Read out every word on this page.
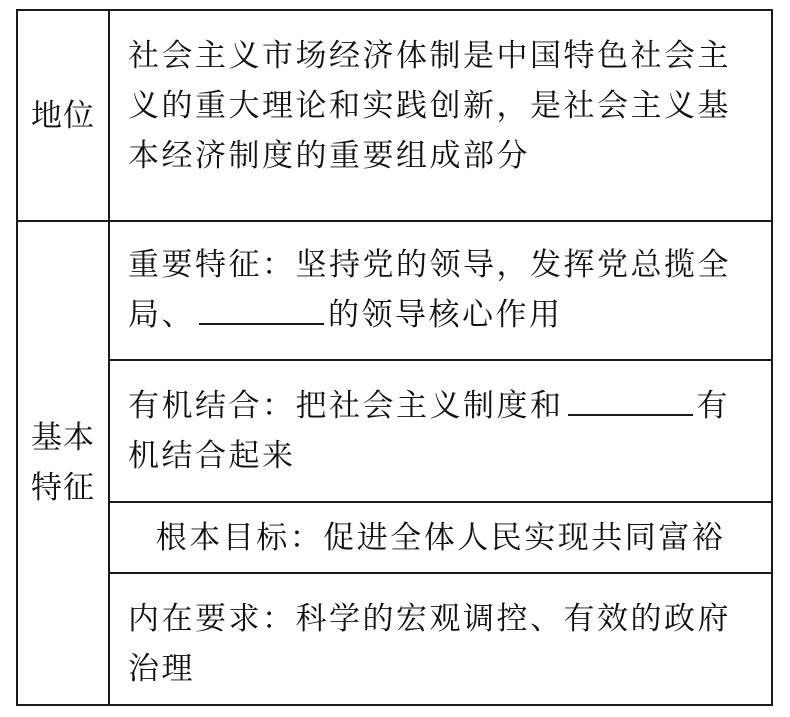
地位
社会主义市场经济体制是中国特色社会主义的重大理论和实践创新，是社会主义基本经济制度的重要组成部分
基本
特征
重要特征：坚持党的领导，发挥党总揽全局、	的领导核心作用
有机结合：把社会主义制度和	有机结合起来
根本目标：促进全体人民实现共同富裕
内在要求：科学的宏观调控、有效的政府治理
